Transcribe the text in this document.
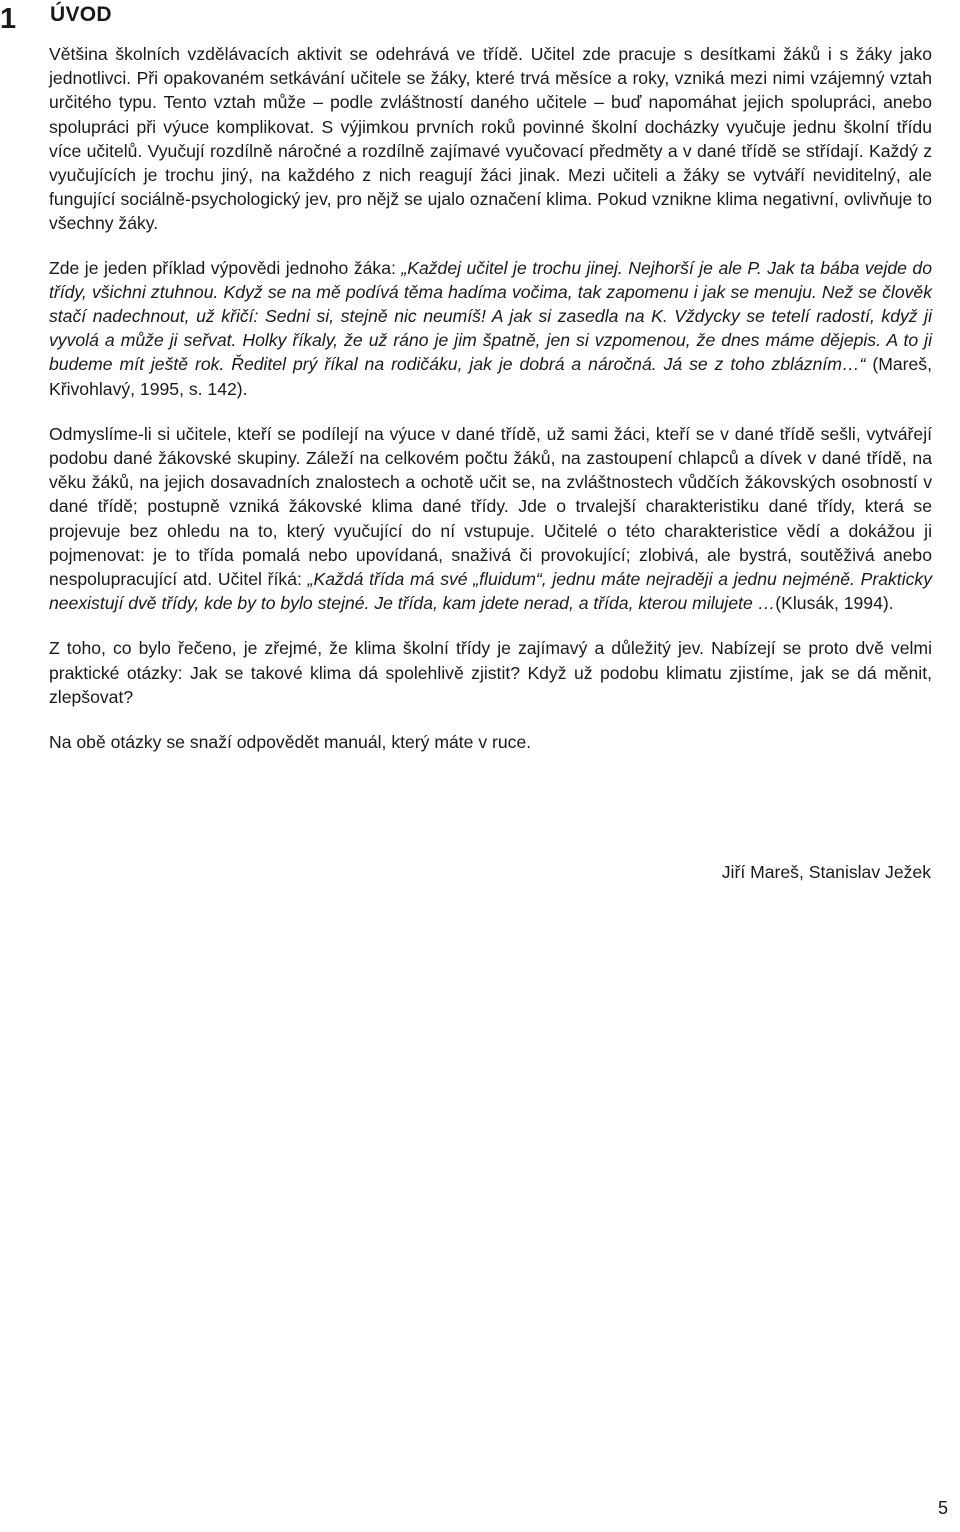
1 ÚVOD

Většina školních vzdělávacích aktivit se odehrává ve třídě. Učitel zde pracuje s desítkami žáků i s žáky jako jednotlivci. Při opakovaném setkávání učitele se žáky, které trvá měsíce a roky, vzniká mezi nimi vzájemný vztah určitého typu. Tento vztah může – podle zvláštností daného učitele – buď napomáhat jejich spolupráci, anebo spolupráci při výuce komplikovat. S výjimkou prvních roků povinné školní docházky vyučuje jednu školní třídu více učitelů. Vyučují rozdílně náročné a rozdílně zajímavé vyučovací předměty a v dané třídě se střídají. Každý z vyučujících je trochu jiný, na každého z nich reagují žáci jinak. Mezi učiteli a žáky se vytváří neviditelný, ale fungující sociálně-psychologický jev, pro nějž se ujalo označení klima. Pokud vznikne klima negativní, ovlivňuje to všechny žáky.

Zde je jeden příklad výpovědi jednoho žáka: „Každej učitel je trochu jinej. Nejhorší je ale P. Jak ta bába vejde do třídy, všichni ztuhnou. Když se na mě podívá těma hadíma vočima, tak zapomenu i jak se menuju. Než se člověk stačí nadechnout, už křičí: Sedni si, stejně nic neumíš! A jak si zasedla na K. Vždycky se tetelí radostí, když ji vyvolá a může ji seřvat. Holky říkaly, že už ráno je jim špatně, jen si vzpomenou, že dnes máme dějepis. A to ji budeme mít ještě rok. Ředitel prý říkal na rodičáku, jak je dobrá a náročná. Já se z toho zblázním…“ (Mareš, Křivohlavý, 1995, s. 142).

Odmyslíme-li si učitele, kteří se podílejí na výuce v dané třídě, už sami žáci, kteří se v dané třídě sešli, vytvářejí podobu dané žákovské skupiny. Záleží na celkovém počtu žáků, na zastoupení chlapců a dívek v dané třídě, na věku žáků, na jejich dosavadních znalostech a ochotě učit se, na zvláštnostech vůdčích žákovských osobností v dané třídě; postupně vzniká žákovské klima dané třídy. Jde o trvalejší charakteristiku dané třídy, která se projevuje bez ohledu na to, který vyučující do ní vstupuje. Učitelé o této charakteristice vědí a dokážou ji pojmenovat: je to třída pomalá nebo upovídaná, snaživá či provokující; zlobivá, ale bystrá, soutěživá anebo nespolupracující atd. Učitel říká: „Každá třída má své „fluidum“, jednu máte nejraději a jednu nejméně. Prakticky neexistují dvě třídy, kde by to bylo stejné. Je třída, kam jdete nerad, a třída, kterou milujete …(Klusák, 1994).

Z toho, co bylo řečeno, je zřejmé, že klima školní třídy je zajímavý a důležitý jev. Nabízejí se proto dvě velmi praktické otázky: Jak se takové klima dá spolehlivě zjistit? Když už podobu klimatu zjistíme, jak se dá měnit, zlepšovat?

Na obě otázky se snaží odpovědět manuál, který máte v ruce.

Jiří Mareš, Stanislav Ježek
5
